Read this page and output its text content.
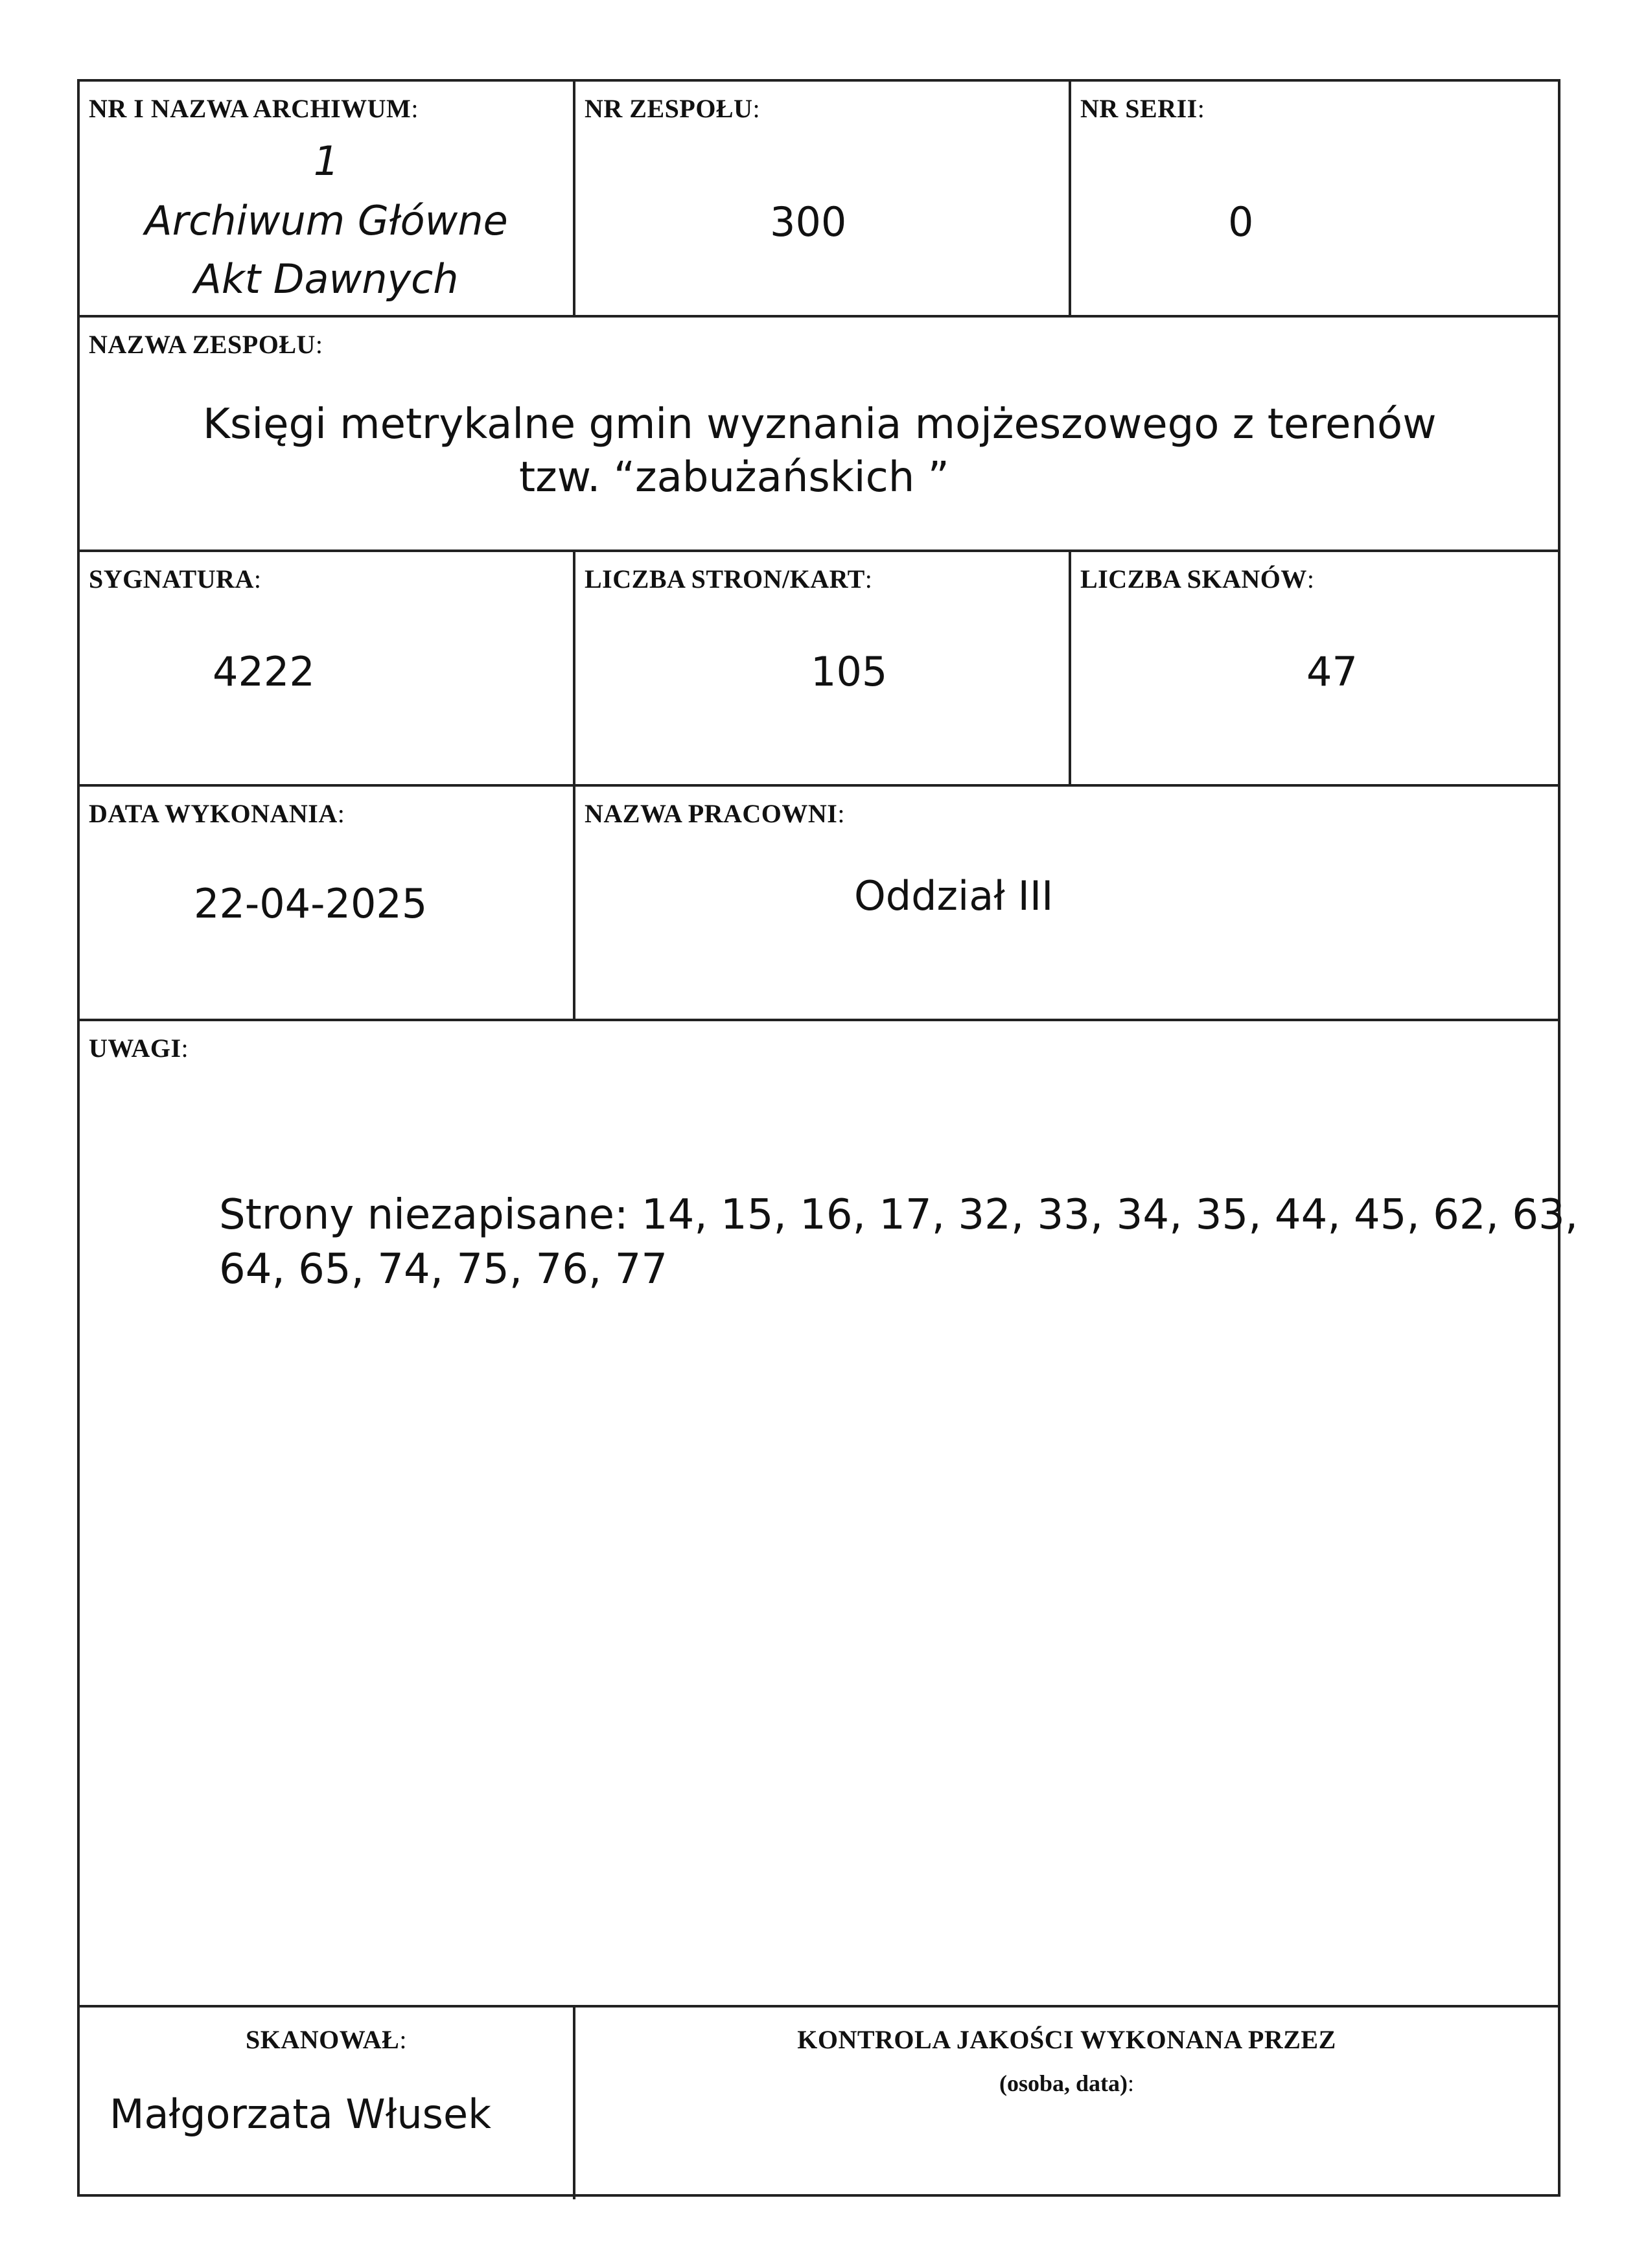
NR I NAZWA ARCHIWUM:
1
Archiwum Główne
Akt Dawnych
NR ZESPOŁU:
300
NR SERII:
0
NAZWA ZESPOŁU:
Księgi metrykalne gmin wyznania mojżeszowego z terenów
tzw. “zabużańskich ”
SYGNATURA:
4222
LICZBA STRON/KART:
105
LICZBA SKANÓW:
47
DATA WYKONANIA:
22-04-2025
NAZWA PRACOWNI:
Oddział III
UWAGI:
Strony niezapisane: 14, 15, 16, 17, 32, 33, 34, 35, 44, 45, 62, 63,
64, 65, 74, 75, 76, 77
SKANOWAŁ:
Małgorzata Włusek
KONTROLA JAKOŚCI WYKONANA PRZEZ
(osoba, data):
